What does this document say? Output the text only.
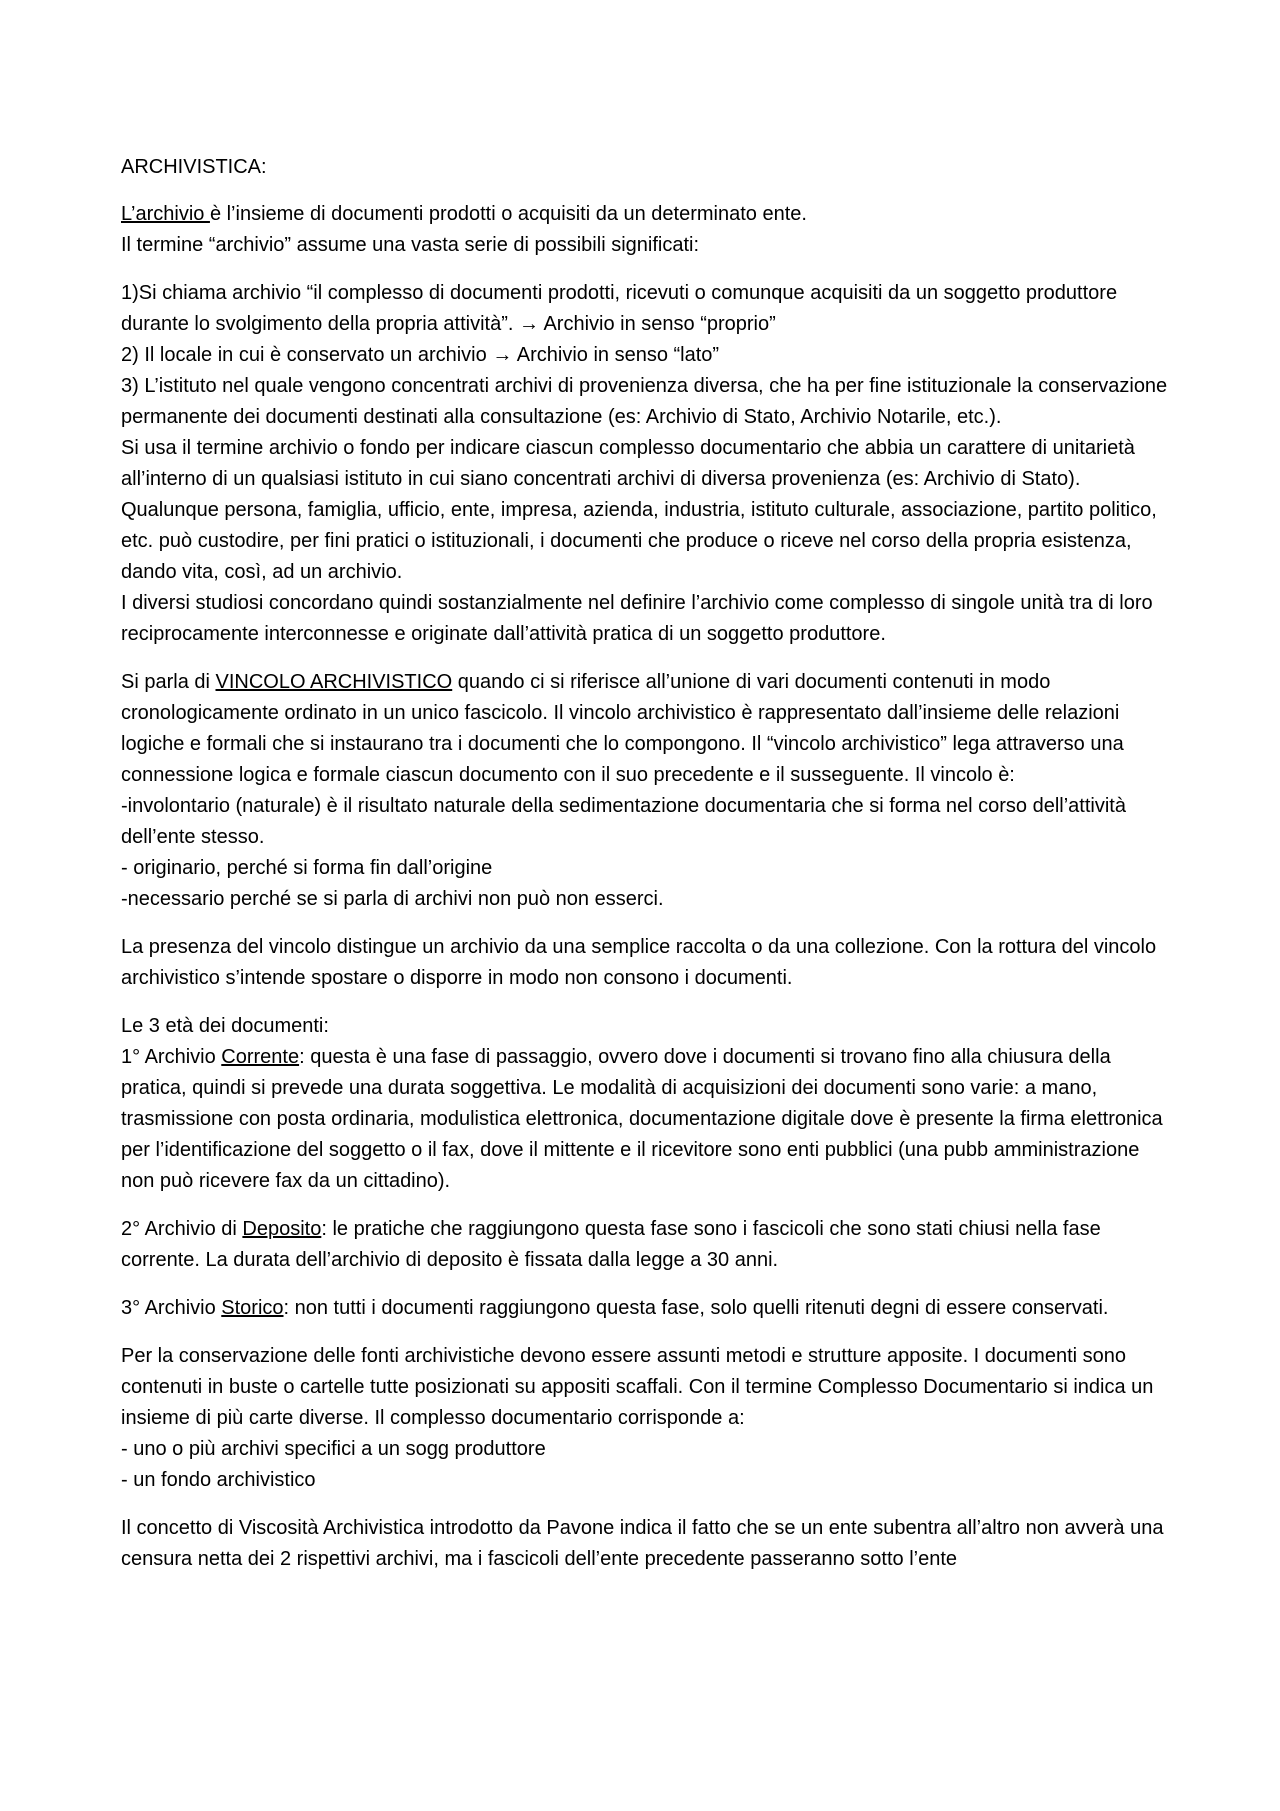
ARCHIVISTICA:

L’archivio è l’insieme di documenti prodotti o acquisiti da un determinato ente.

Il termine “archivio” assume una vasta serie di possibili significati:

1)Si chiama archivio “il complesso di documenti prodotti, ricevuti o comunque acquisiti da un soggetto produttore durante lo svolgimento della propria attività”. → Archivio in senso “proprio”
2) Il locale in cui è conservato un archivio → Archivio in senso “lato”
3) L’istituto nel quale vengono concentrati archivi di provenienza diversa, che ha per fine istituzionale la conservazione permanente dei documenti destinati alla consultazione (es: Archivio di Stato, Archivio Notarile, etc.).
Si usa il termine archivio o fondo per indicare ciascun complesso documentario che abbia un carattere di unitarietà all’interno di un qualsiasi istituto in cui siano concentrati archivi di diversa provenienza (es: Archivio di Stato). Qualunque persona, famiglia, ufficio, ente, impresa, azienda, industria, istituto culturale, associazione, partito politico, etc. può custodire, per fini pratici o istituzionali, i documenti che produce o riceve nel corso della propria esistenza, dando vita, così, ad un archivio.
I diversi studiosi concordano quindi sostanzialmente nel definire l’archivio come complesso di singole unità tra di loro reciprocamente interconnesse e originate dall’attività pratica di un soggetto produttore.
Si parla di VINCOLO ARCHIVISTICO quando ci si riferisce all’unione di vari documenti contenuti in modo cronologicamente ordinato in un unico fascicolo. Il vincolo archivistico è rappresentato dall’insieme delle relazioni logiche e formali che si instaurano tra i documenti che lo compongono. Il “vincolo archivistico” lega attraverso una connessione logica e formale ciascun documento con il suo precedente e il susseguente. Il vincolo è:
-involontario (naturale) è il risultato naturale della sedimentazione documentaria che si forma nel corso dell’attività dell’ente stesso.
- originario, perché si forma fin dall’origine
-necessario perché se si parla di archivi non può non esserci.

La presenza del vincolo distingue un archivio da una semplice raccolta o da una collezione. Con la rottura del vincolo archivistico s’intende spostare o disporre in modo non consono i documenti.

Le 3 età dei documenti:
1° Archivio Corrente: questa è una fase di passaggio, ovvero dove i documenti si trovano fino alla chiusura della pratica, quindi si prevede una durata soggettiva. Le modalità di acquisizioni dei documenti sono varie: a mano, trasmissione con posta ordinaria, modulistica elettronica, documentazione digitale dove è presente la firma elettronica per l’identificazione del soggetto o il fax, dove il mittente e il ricevitore sono enti pubblici (una pubb amministrazione non può ricevere fax da un cittadino).

2° Archivio di Deposito: le pratiche che raggiungono questa fase sono i fascicoli che sono stati chiusi nella fase corrente. La durata dell’archivio di deposito è fissata dalla legge a 30 anni.

3° Archivio Storico: non tutti i documenti raggiungono questa fase, solo quelli ritenuti degni di essere conservati.

Per la conservazione delle fonti archivistiche devono essere assunti metodi e strutture apposite. I documenti sono contenuti in buste o cartelle tutte posizionati su appositi scaffali. Con il termine Complesso Documentario si indica un insieme di più carte diverse. Il complesso documentario corrisponde a:
- uno o più archivi specifici a un sogg produttore
- un fondo archivistico

Il concetto di Viscosità Archivistica introdotto da Pavone indica il fatto che se un ente subentra all’altro non avverà una censura netta dei 2 rispettivi archivi, ma i fascicoli dell’ente precedente passeranno sotto l’ente
